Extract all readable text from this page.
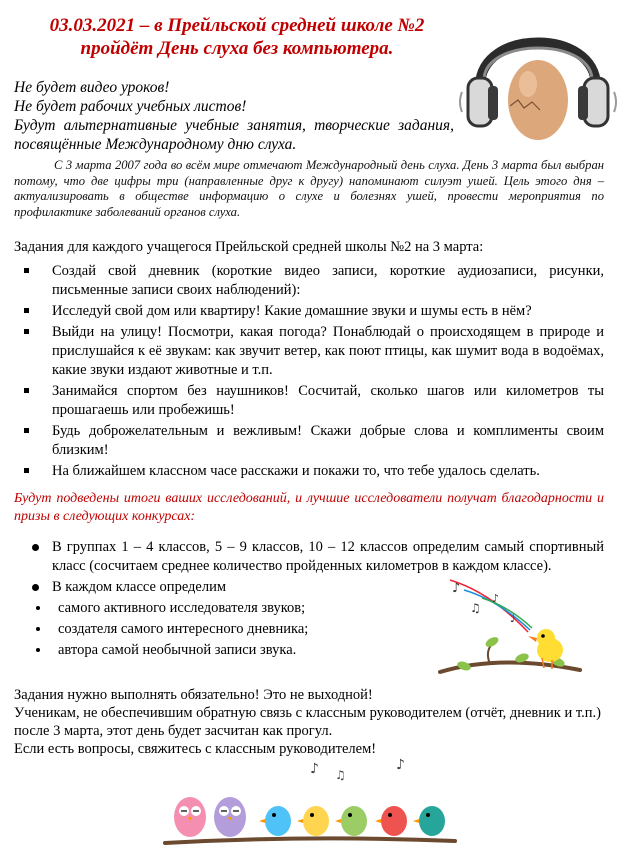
03.03.2021 – в Прейльской средней школе №2 пройдёт День слуха без компьютера.
Не будет видео уроков!
Не будет рабочих учебных листов!
Будут альтернативные учебные занятия, творческие задания, посвящённые Международному дню слуха.

С 3 марта 2007 года во всём мире отмечают Международный день слуха. День 3 марта был выбран потому, что две цифры три (направленные друг к другу) напоминают силуэт ушей. Цель этого дня – актуализировать в обществе информацию о слухе и болезнях ушей, провести мероприятия по профилактике заболеваний органов слуха.

Задания для каждого учащегося Прейльской средней школы №2 на 3 марта:
Создай свой дневник (короткие видео записи, короткие аудиозаписи, рисунки, письменные записи своих наблюдений):
Исследуй свой дом или квартиру! Какие домашние звуки и шумы есть в нём?
Выйди на улицу! Посмотри, какая погода? Понаблюдай о происходящем в природе и прислушайся к её звукам: как звучит ветер, как поют птицы, как шумит вода в водоёмах, какие звуки издают животные и т.п.
Занимайся спортом без наушников! Сосчитай, сколько шагов или километров ты прошагаешь или пробежишь!
Будь доброжелательным и вежливым! Скажи добрые слова и комплименты своим близким!
На ближайшем классном часе расскажи и покажи то, что тебе удалось сделать.
Будут подведены итоги ваших исследований, и лучшие исследователи получат благодарности и призы в следующих конкурсах:
В группах 1 – 4 классов, 5 – 9 классов, 10 – 12 классов определим самый спортивный класс (сосчитаем среднее количество пройденных километров в каждом классе).
В каждом классе определим
самого активного исследователя звуков;
создателя самого интересного дневника;
автора самой необычной записи звука.
♪
♫
♪
♩
Задания нужно выполнять обязательно! Это не выходной!
Ученикам, не обеспечившим обратную связь с классным руководителем (отчёт, дневник и т.п.) после 3 марта, этот день будет засчитан как прогул.
Если есть вопросы, свяжитесь с классным руководителем!
♪ ♫
♪
